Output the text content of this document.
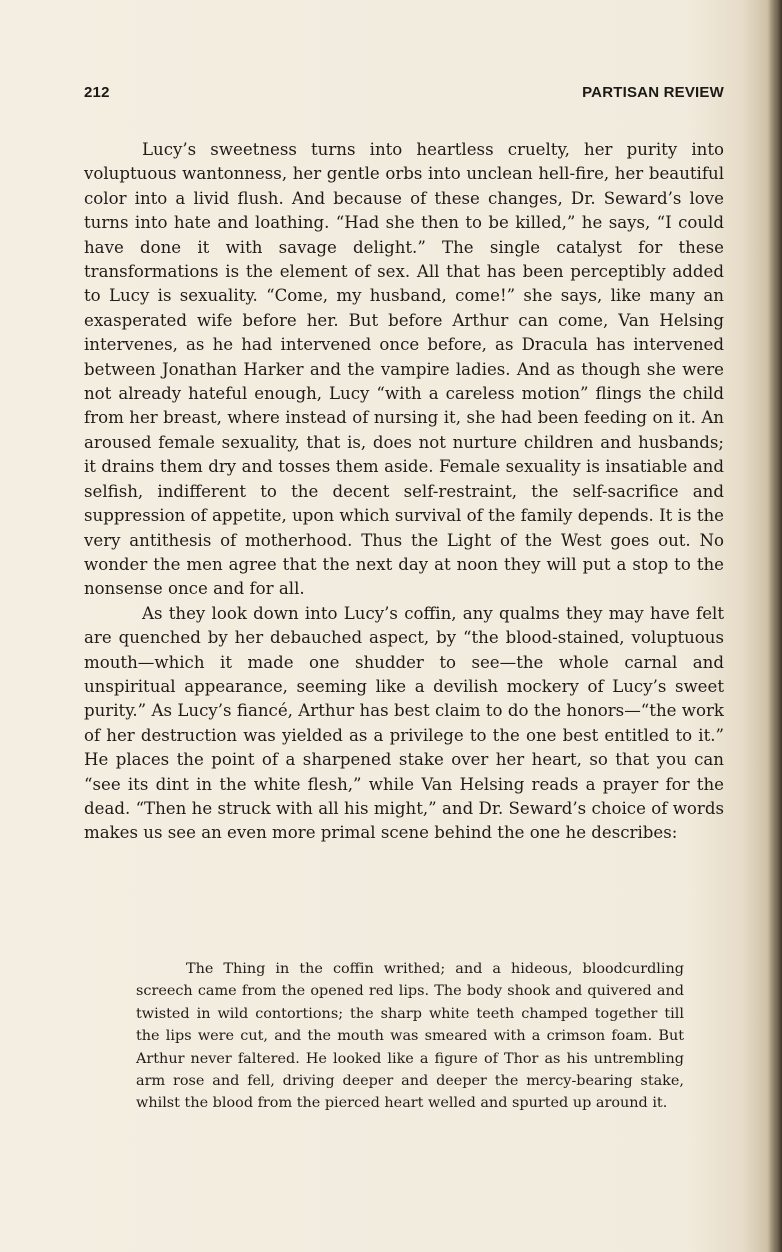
212	PARTISAN REVIEW

Lucy’s sweetness turns into heartless cruelty, her purity into voluptuous wantonness, her gentle orbs into unclean hell-fire, her beautiful color into a livid flush. And because of these changes, Dr. Seward’s love turns into hate and loathing. “Had she then to be killed,” he says, “I could have done it with savage delight.” The single catalyst for these transformations is the element of sex. All that has been perceptibly added to Lucy is sexuality. “Come, my husband, come!” she says, like many an exasperated wife before her. But before Arthur can come, Van Helsing intervenes, as he had intervened once before, as Dracula has intervened between Jonathan Harker and the vampire ladies. And as though she were not already hateful enough, Lucy “with a careless motion” flings the child from her breast, where instead of nursing it, she had been feeding on it. An aroused female sexuality, that is, does not nurture children and husbands; it drains them dry and tosses them aside. Female sexuality is insatiable and selfish, indifferent to the decent self-restraint, the self-sacrifice and suppression of appetite, upon which survival of the family depends. It is the very antithesis of motherhood. Thus the Light of the West goes out. No wonder the men agree that the next day at noon they will put a stop to the nonsense once and for all.

As they look down into Lucy’s coffin, any qualms they may have felt are quenched by her debauched aspect, by “the blood-stained, voluptuous mouth—which it made one shudder to see—the whole carnal and unspiritual appearance, seeming like a devilish mockery of Lucy’s sweet purity.” As Lucy’s fiancé, Arthur has best claim to do the honors—“the work of her destruction was yielded as a privilege to the one best entitled to it.” He places the point of a sharpened stake over her heart, so that you can “see its dint in the white flesh,” while Van Helsing reads a prayer for the dead. “Then he struck with all his might,” and Dr. Seward’s choice of words makes us see an even more primal scene behind the one he describes:

The Thing in the coffin writhed; and a hideous, bloodcurdling screech came from the opened red lips. The body shook and quivered and twisted in wild contortions; the sharp white teeth champed together till the lips were cut, and the mouth was smeared with a crimson foam. But Arthur never faltered. He looked like a figure of Thor as his untrembling arm rose and fell, driving deeper and deeper the mercy-bearing stake, whilst the blood from the pierced heart welled and spurted up around it.
